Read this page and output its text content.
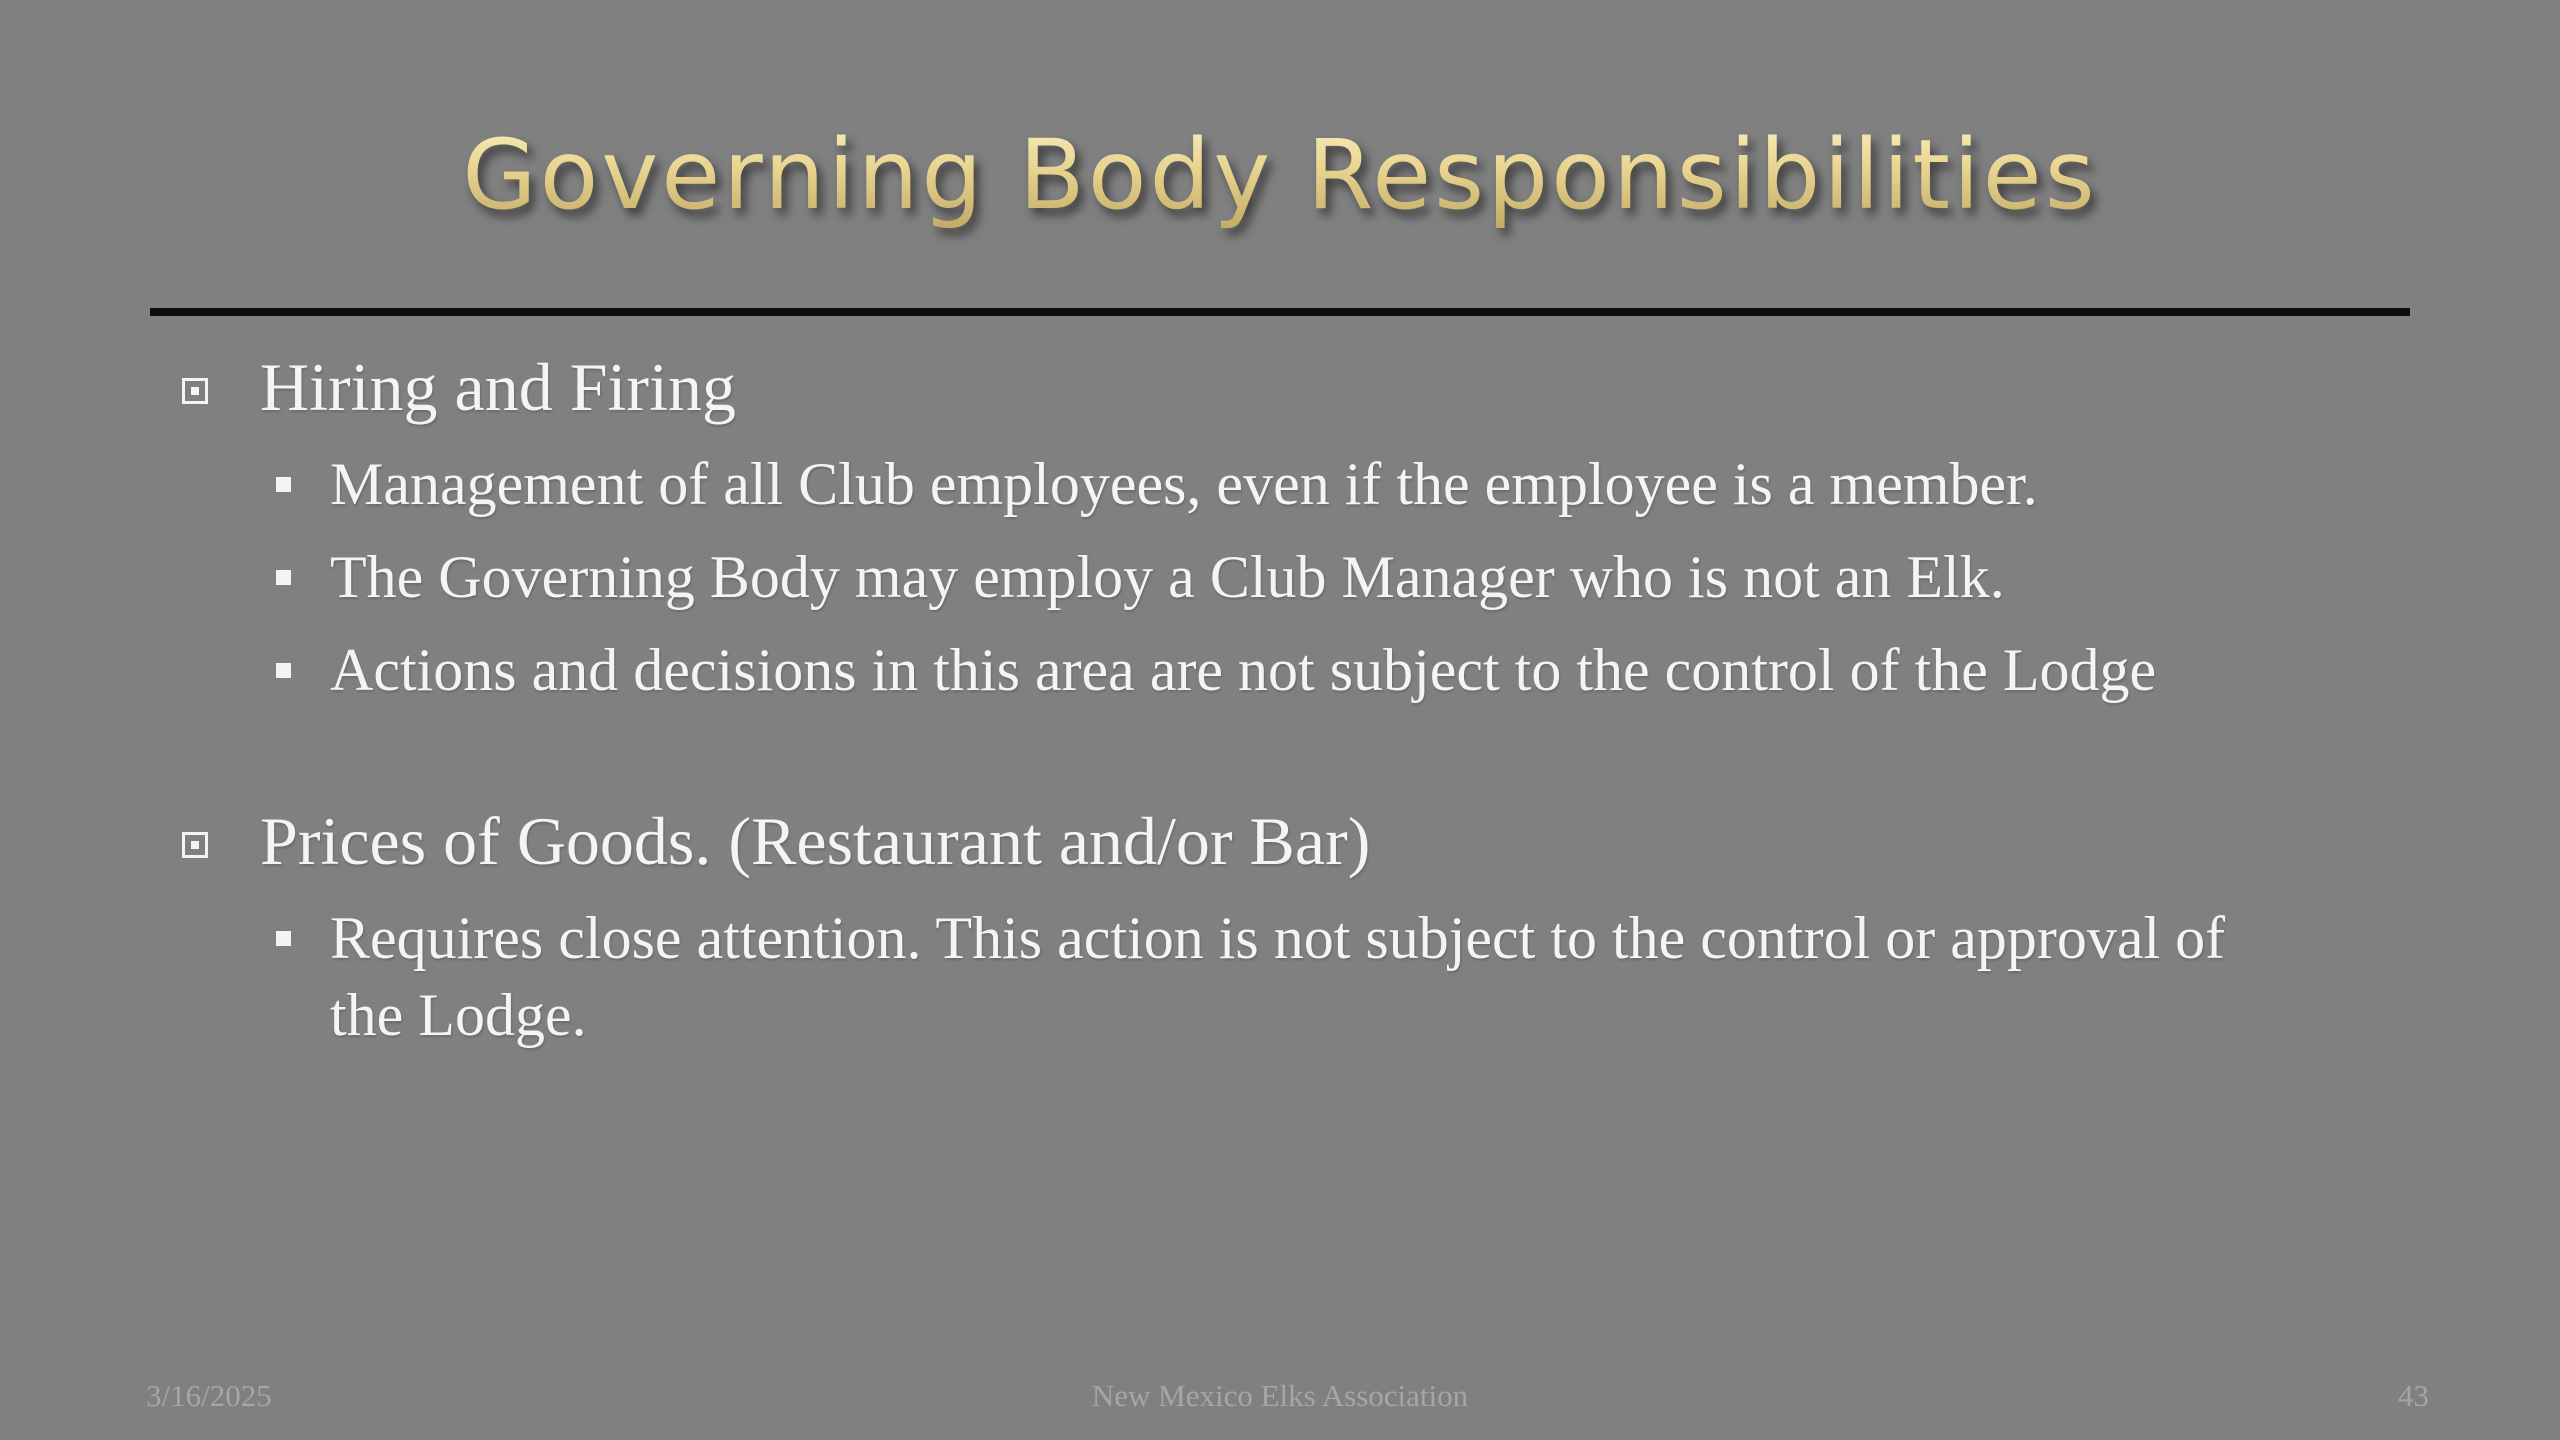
Governing Body Responsibilities
Hiring and Firing
Management of all Club employees, even if the employee is a member.
The Governing Body may employ a Club Manager who is not an Elk.
Actions and decisions in this area are not subject to the control of the Lodge
Prices of Goods. (Restaurant and/or Bar)
Requires close attention. This action is not subject to the control or approval of the Lodge.
3/16/2025	New Mexico Elks Association	43
